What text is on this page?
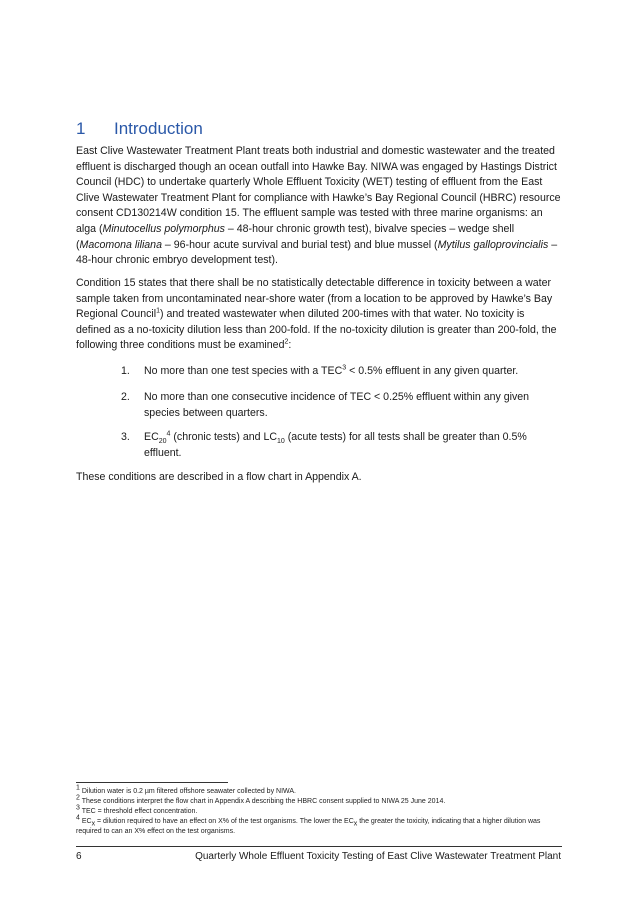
1 Introduction
East Clive Wastewater Treatment Plant treats both industrial and domestic wastewater and the treated effluent is discharged though an ocean outfall into Hawke Bay. NIWA was engaged by Hastings District Council (HDC) to undertake quarterly Whole Effluent Toxicity (WET) testing of effluent from the East Clive Wastewater Treatment Plant for compliance with Hawke’s Bay Regional Council (HBRC) resource consent CD130214W condition 15. The effluent sample was tested with three marine organisms: an alga (Minutocellus polymorphus – 48-hour chronic growth test), bivalve species – wedge shell (Macomona liliana – 96-hour acute survival and burial test) and blue mussel (Mytilus galloprovincialis – 48-hour chronic embryo development test).
Condition 15 states that there shall be no statistically detectable difference in toxicity between a water sample taken from uncontaminated near-shore water (from a location to be approved by Hawke’s Bay Regional Council$^1$) and treated wastewater when diluted 200-times with that water. No toxicity is defined as a no-toxicity dilution less than 200-fold. If the no-toxicity dilution is greater than 200-fold, the following three conditions must be examined$^2$:
1. No more than one test species with a $TEC^3 < 0.5\%$ effluent in any given quarter.
2. No more than one consecutive incidence of TEC < 0.25% effluent within any given species between quarters.
3. $EC_{20}^4$ (chronic tests) and $LC_{10}$ (acute tests) for all tests shall be greater than 0.5% effluent.
These conditions are described in a flow chart in Appendix A.
$^1$ Dilution water is 0.2 µm filtered offshore seawater collected by NIWA.
$^2$ These conditions interpret the flow chart in Appendix A describing the HBRC consent supplied to NIWA 25 June 2014.
$^3$ TEC = threshold effect concentration.
$^4$ $EC_x$ = dilution required to have an effect on X% of the test organisms. The lower the $EC_x$ the greater the toxicity, indicating that a higher dilution was required to can an X% effect on the test organisms.
6	Quarterly Whole Effluent Toxicity Testing of East Clive Wastewater Treatment Plant
